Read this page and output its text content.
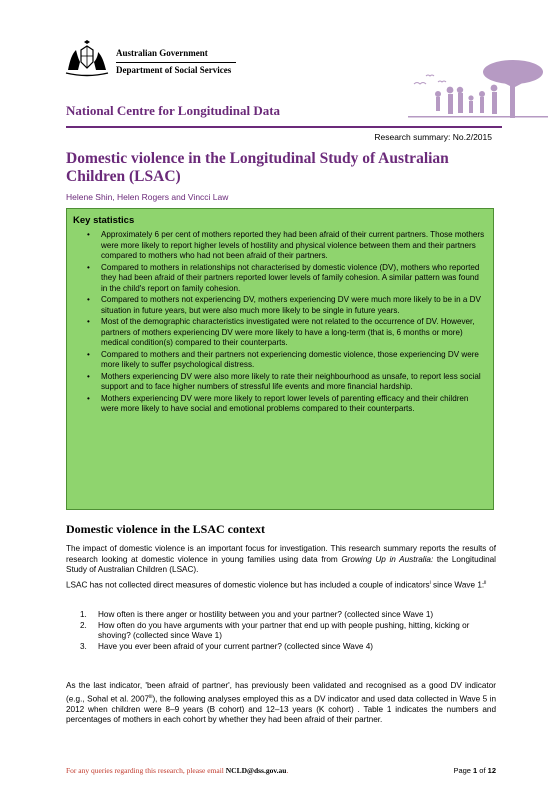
Australian Government
Department of Social Services
National Centre for Longitudinal Data
Research summary: No.2/2015
Domestic violence in the Longitudinal Study of Australian Children (LSAC)
Helene Shin, Helen Rogers and Vincci Law
Key statistics
• Approximately 6 per cent of mothers reported they had been afraid of their current partners. Those mothers were more likely to report higher levels of hostility and physical violence between them and their partners compared to mothers who had not been afraid of their partners.
• Compared to mothers in relationships not characterised by domestic violence (DV), mothers who reported they had been afraid of their partners reported lower levels of family cohesion. A similar pattern was found in the child's report on family cohesion.
• Compared to mothers not experiencing DV, mothers experiencing DV were much more likely to be in a DV situation in future years, but were also much more likely to be single in future years.
• Most of the demographic characteristics investigated were not related to the occurrence of DV. However, partners of mothers experiencing DV were more likely to have a long-term (that is, 6 months or more) medical condition(s) compared to their counterparts.
• Compared to mothers and their partners not experiencing domestic violence, those experiencing DV were more likely to suffer psychological distress.
• Mothers experiencing DV were also more likely to rate their neighbourhood as unsafe, to report less social support and to face higher numbers of stressful life events and more financial hardship.
• Mothers experiencing DV were more likely to report lower levels of parenting efficacy and their children were more likely to have social and emotional problems compared to their counterparts.
Domestic violence in the LSAC context
The impact of domestic violence is an important focus for investigation. This research summary reports the results of research looking at domestic violence in young families using data from Growing Up in Australia: the Longitudinal Study of Australian Children (LSAC).
LSAC has not collected direct measures of domestic violence but has included a couple of indicators$^i$ since Wave 1:$^{ii}$
1. How often is there anger or hostility between you and your partner? (collected since Wave 1)
2. How often do you have arguments with your partner that end up with people pushing, hitting, kicking or shoving? (collected since Wave 1)
3. Have you ever been afraid of your current partner? (collected since Wave 4)
As the last indicator, 'been afraid of partner', has previously been validated and recognised as a good DV indicator (e.g., Sohal et al. 2007$^{iii}$), the following analyses employed this as a DV indicator and used data collected in Wave 5 in 2012 when children were 8–9 years (B cohort) and 12–13 years (K cohort) . Table 1 indicates the numbers and percentages of mothers in each cohort by whether they had been afraid of their partner.
For any queries regarding this research, please email NCLD@dss.gov.au.	Page 1 of 12
